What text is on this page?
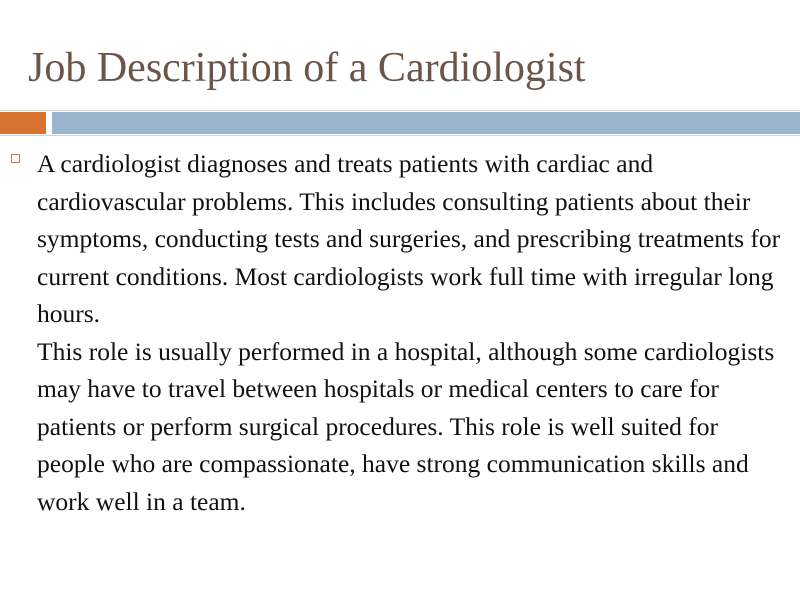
Job Description of a Cardiologist

A cardiologist diagnoses and treats patients with cardiac and cardiovascular problems. This includes consulting patients about their symptoms, conducting tests and surgeries, and prescribing treatments for current conditions. Most cardiologists work full time with irregular long hours.

This role is usually performed in a hospital, although some cardiologists may have to travel between hospitals or medical centers to care for patients or perform surgical procedures. This role is well suited for people who are compassionate, have strong communication skills and work well in a team.
